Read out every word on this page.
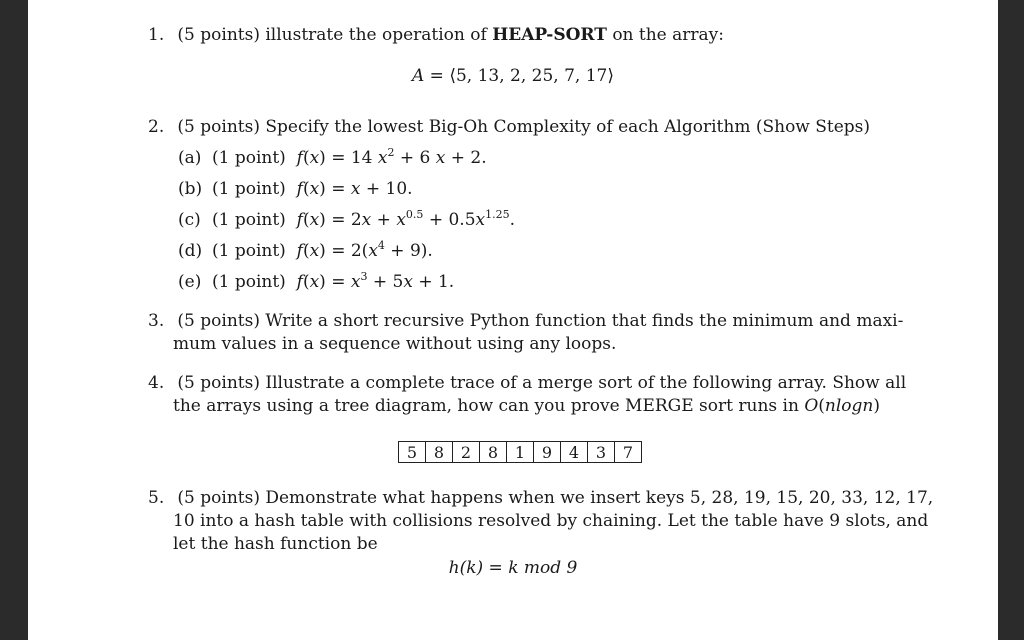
1. (5 points) illustrate the operation of HEAP-SORT on the array:
A = ⟨5, 13, 2, 25, 7, 17⟩
2. (5 points) Specify the lowest Big-Oh Complexity of each Algorithm (Show Steps)
(a) (1 point) f(x) = 14 $x^2 + 6$ x + 2.
(b) (1 point) f(x) = x + 10.
(c) (1 point) $f(x) = 2x + x^{0.5} + 0.5x^{1.25}$.
(d) (1 point) $f(x) = 2(x^4 + 9)$.
(e) (1 point) $f(x) = x^3 + 5x + 1$.
3. (5 points) Write a short recursive Python function that finds the minimum and maxi-
mum values in a sequence without using any loops.
4. (5 points) Illustrate a complete trace of a merge sort of the following array. Show all
the arrays using a tree diagram, how can you prove MERGE sort runs in O(nlogn)
5	8	2	8	1	9	4	3	7
5. (5 points) Demonstrate what happens when we insert keys 5, 28, 19, 15, 20, 33, 12, 17,
10 into a hash table with collisions resolved by chaining. Let the table have 9 slots, and
let the hash function be
h(k) = k mod 9
